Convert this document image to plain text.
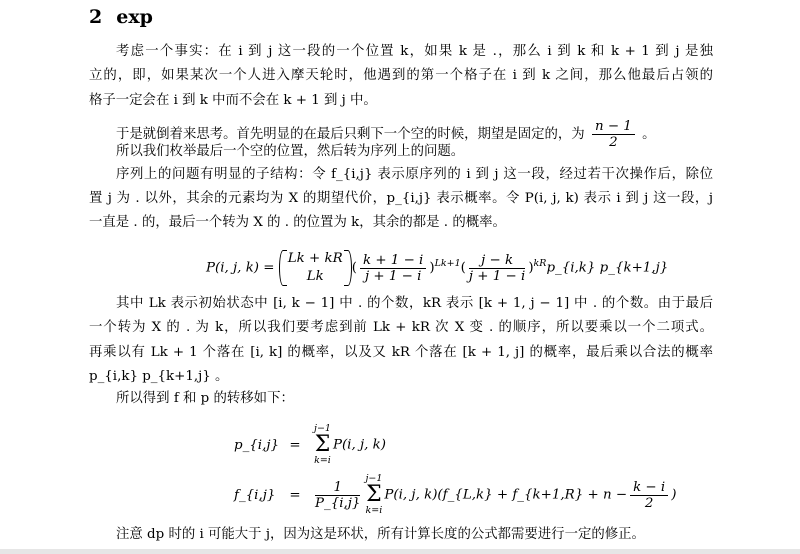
2 exp
考虑一个事实：在 i 到 j 这一段的一个位置 k，如果 k 是 .，那么 i 到 k 和 k + 1 到 j 是独
立的，即，如果某次一个人进入摩天轮时，他遇到的第一个格子在 i 到 k 之间，那么他最后占领的
格子一定会在 i 到 k 中而不会在 k + 1 到 j 中。
于是就倒着来思考。首先明显的在最后只剩下一个空的时候，期望是固定的，为 $\frac{n - 1}{2}$ 。
所以我们枚举最后一个空的位置，然后转为序列上的问题。
序列上的问题有明显的子结构：令 f_{i,j} 表示原序列的 i 到 j 这一段，经过若干次操作后，除位
置 j 为 . 以外，其余的元素均为 X 的期望代价，p_{i,j} 表示概率。令 P(i, j, k) 表示 i 到 j 这一段，j
一直是 . 的，最后一个转为 X 的 . 的位置为 k，其余的都是 . 的概率。
P(i, j, k) =
Lk + kR
Lk
( $\frac{k + 1 - i}{j + 1 - i} )^{Lk+1}( \frac{j - k}{j + 1 - i}$ )$^{kR}p\_\{i,k\}$ p_{k+1,j}
其中 Lk 表示初始状态中 [i, k − 1] 中 . 的个数，kR 表示 [k + 1, j − 1] 中 . 的个数。由于最后
一个转为 X 的 . 为 k，所以我们要考虑到前 Lk + kR 次 X 变 . 的顺序，所以要乘以一个二项式。
再乘以有 Lk + 1 个落在 [i, k] 的概率，以及又 kR 个落在 [k + 1, j] 的概率，最后乘以合法的概率
p_{i,k} p_{k+1,j} 。
所以得到 f 和 p 的转移如下：
p_{i,j} =
j−1
Σ
k=i
P(i, j, k)
f_{i,j} = $\frac{1}{P\_\{i,j\}}$
j−1
Σ
k=i
P(i, j, k)(f_{L,k} + f_{k+1,R} + $n - \frac{k - i}{2}$ )
注意 dp 时的 i 可能大于 j，因为这是环状，所有计算长度的公式都需要进行一定的修正。
